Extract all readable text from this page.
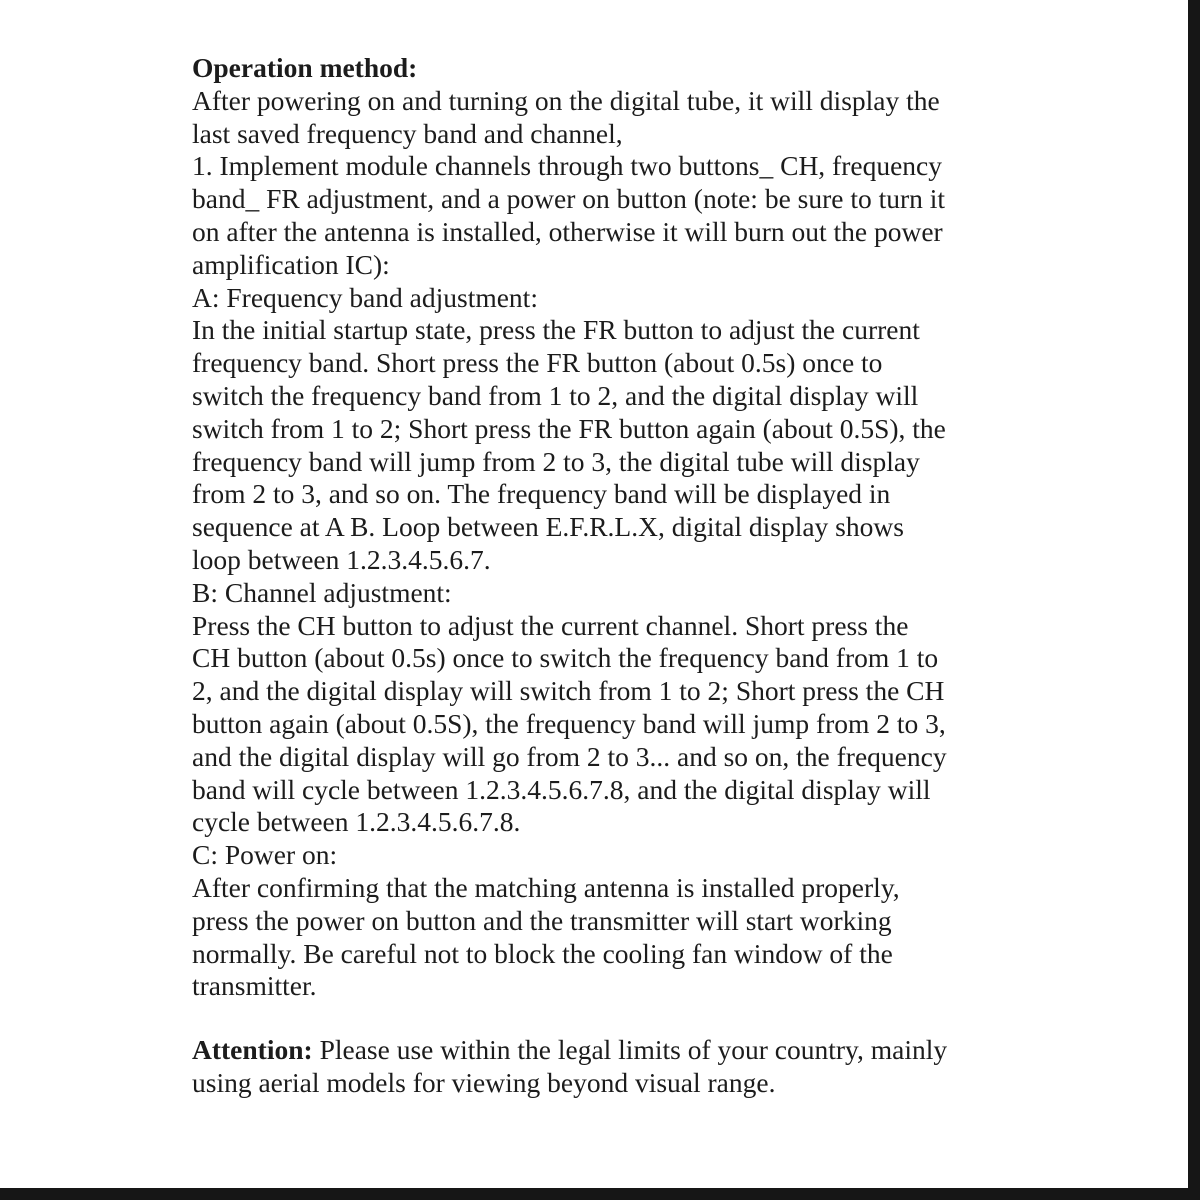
Operation method:

After powering on and turning on the digital tube, it will display the

last saved frequency band and channel,

1. Implement module channels through two buttons_ CH, frequency

band_ FR adjustment, and a power on button (note: be sure to turn it

on after the antenna is installed, otherwise it will burn out the power

amplification IC):

A: Frequency band adjustment:

In the initial startup state, press the FR button to adjust the current

frequency band. Short press the FR button (about 0.5s) once to

switch the frequency band from 1 to 2, and the digital display will

switch from 1 to 2; Short press the FR button again (about 0.5S), the

frequency band will jump from 2 to 3, the digital tube will display

from 2 to 3, and so on. The frequency band will be displayed in

sequence at A B. Loop between E.F.R.L.X, digital display shows

loop between 1.2.3.4.5.6.7.

B: Channel adjustment:

Press the CH button to adjust the current channel. Short press the

CH button (about 0.5s) once to switch the frequency band from 1 to

2, and the digital display will switch from 1 to 2; Short press the CH

button again (about 0.5S), the frequency band will jump from 2 to 3,

and the digital display will go from 2 to 3... and so on, the frequency

band will cycle between 1.2.3.4.5.6.7.8, and the digital display will

cycle between 1.2.3.4.5.6.7.8.

C: Power on:

After confirming that the matching antenna is installed properly,

press the power on button and the transmitter will start working

normally. Be careful not to block the cooling fan window of the

transmitter.

Attention: Please use within the legal limits of your country, mainly

using aerial models for viewing beyond visual range.
